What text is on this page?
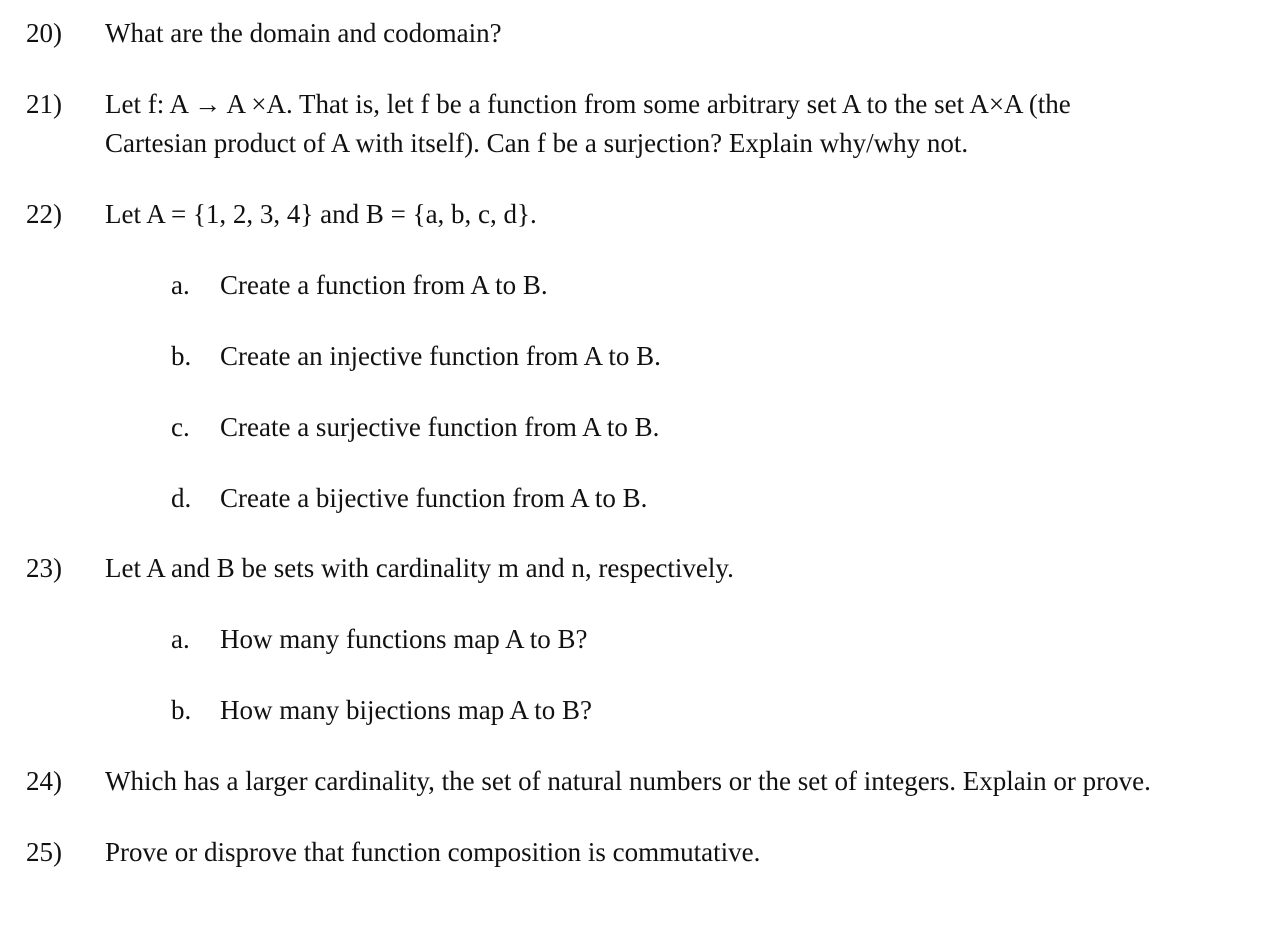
20) What are the domain and codomain?
21) Let f: A → A ×A. That is, let f be a function from some arbitrary set A to the set A×A (the
Cartesian product of A with itself). Can f be a surjection? Explain why/why not.
22) Let A = {1, 2, 3, 4} and B = {a, b, c, d}.
a. Create a function from A to B.
b. Create an injective function from A to B.
c. Create a surjective function from A to B.
d. Create a bijective function from A to B.
23) Let A and B be sets with cardinality m and n, respectively.
a. How many functions map A to B?
b. How many bijections map A to B?
24) Which has a larger cardinality, the set of natural numbers or the set of integers. Explain or prove.
25) Prove or disprove that function composition is commutative.
